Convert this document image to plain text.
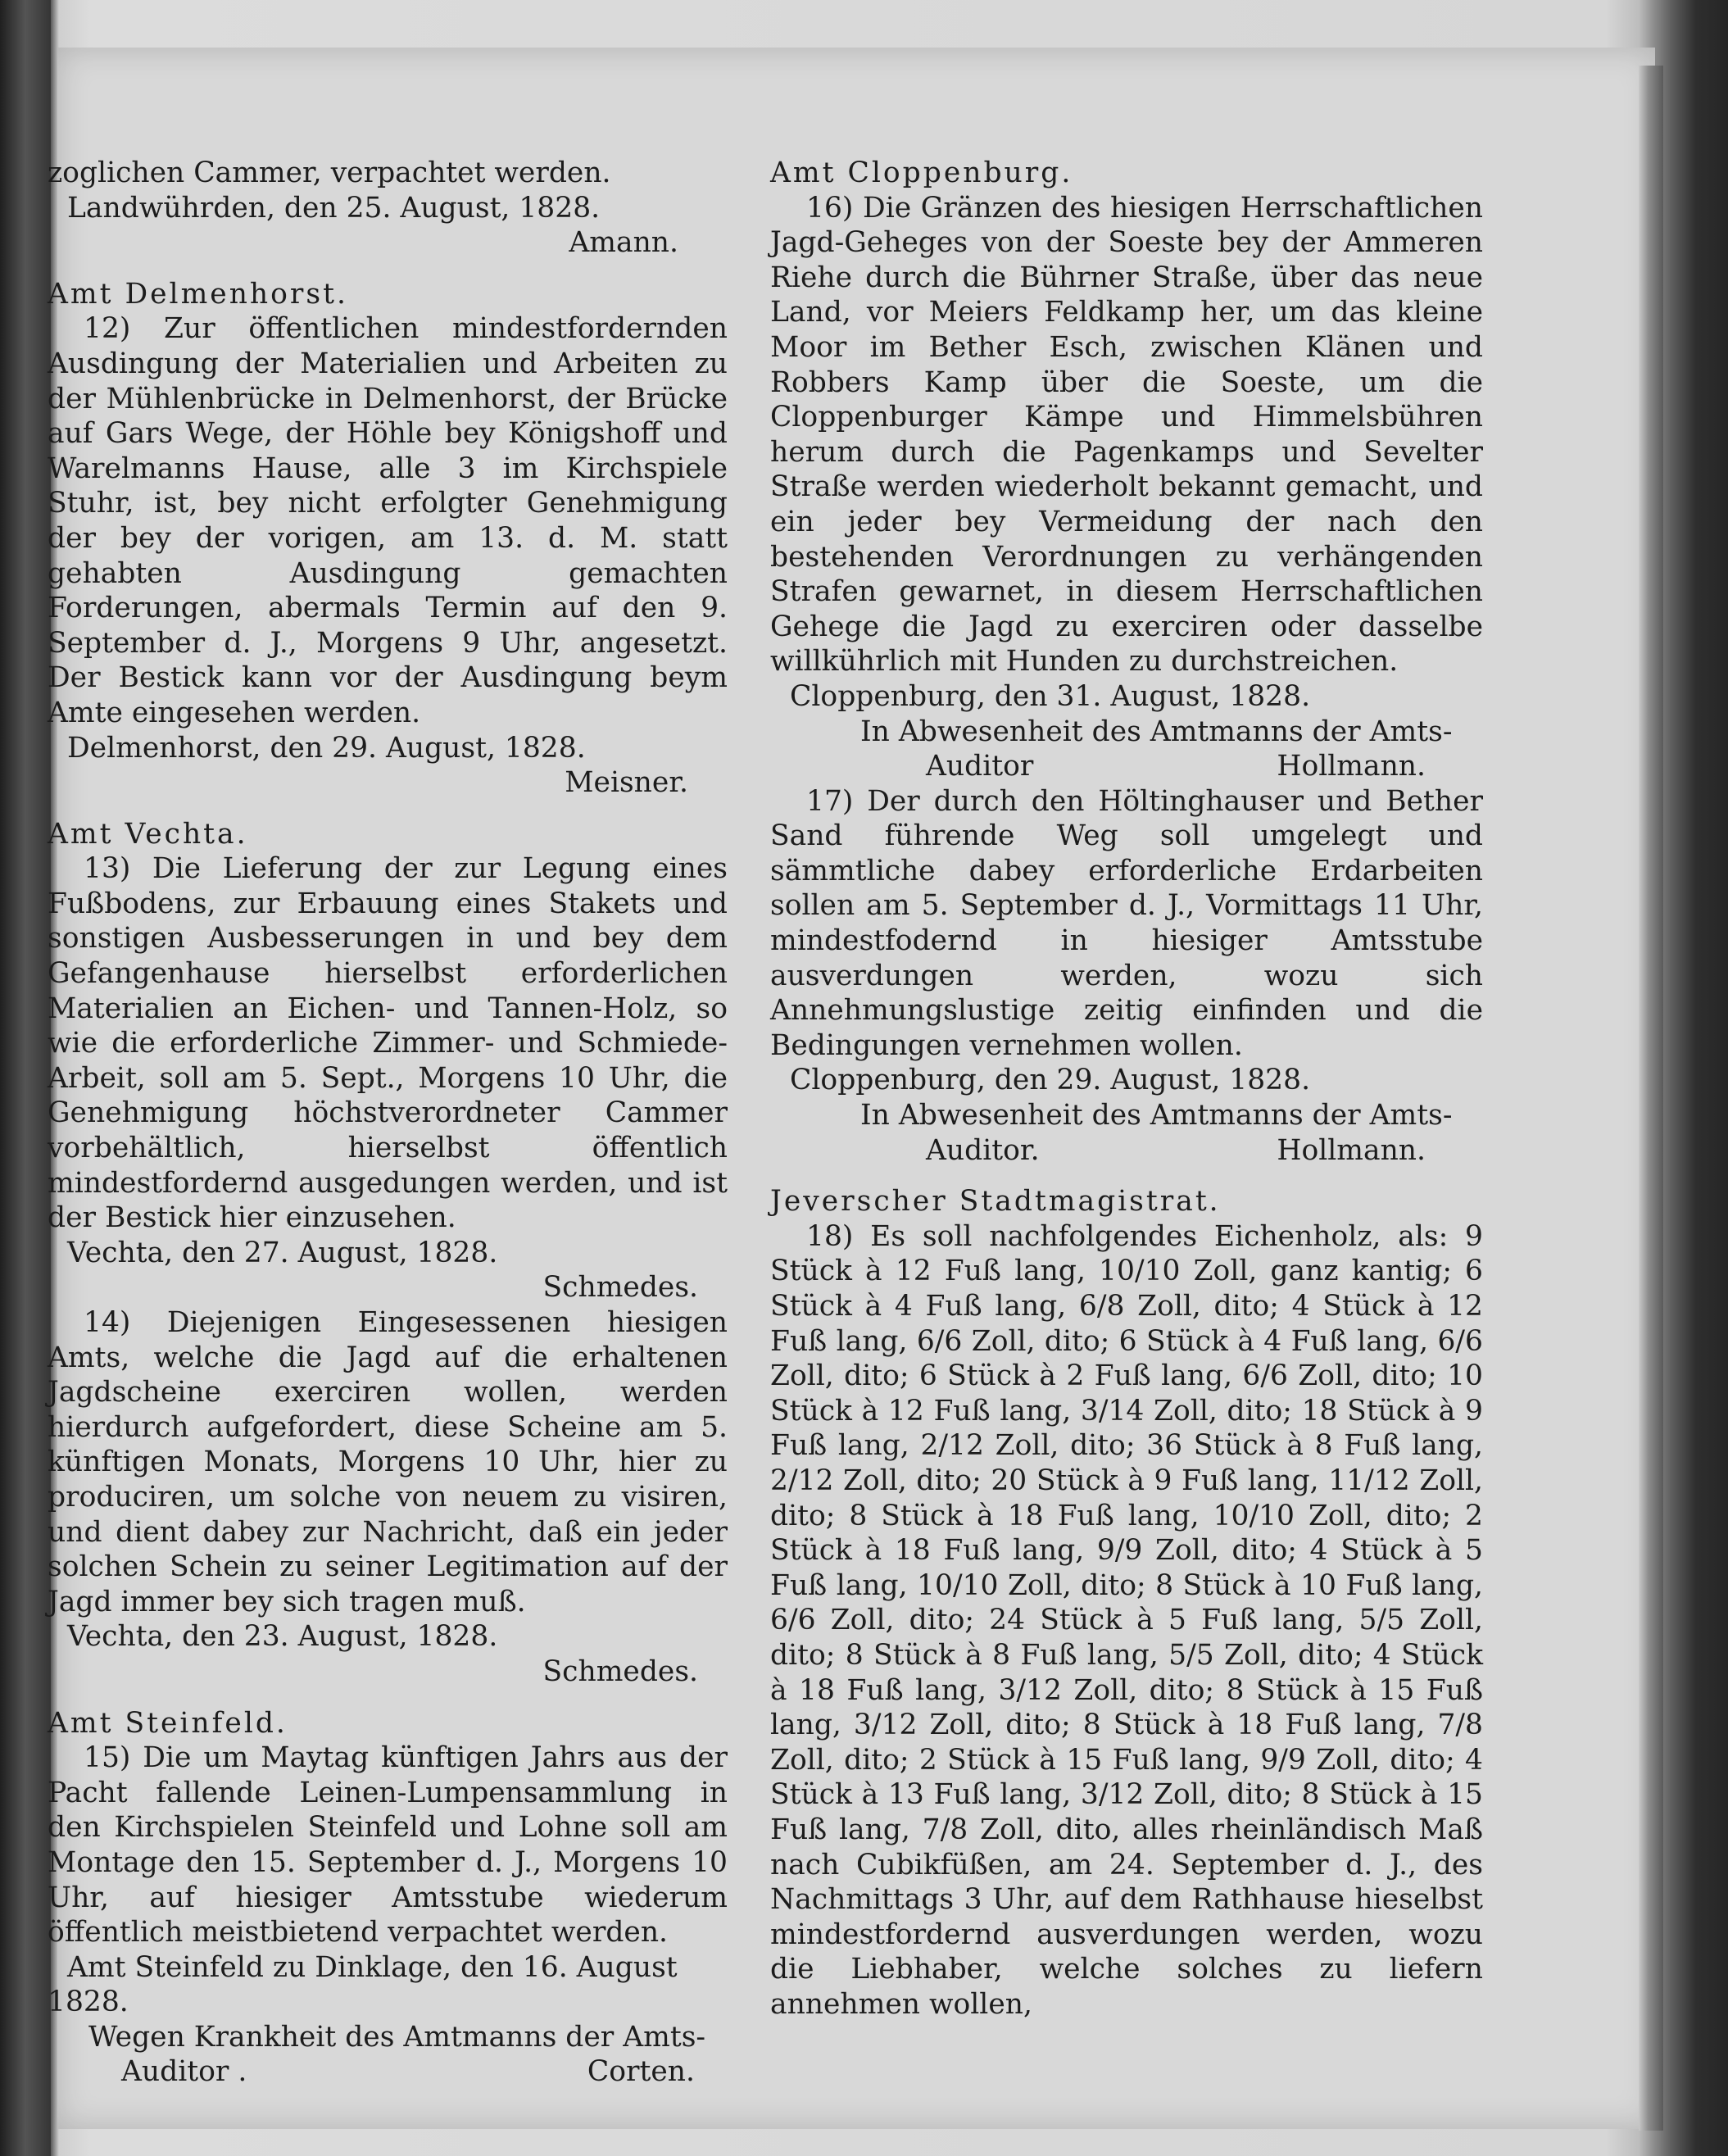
zoglichen Cammer, verpachtet werden.

Landwührden, den 25. August, 1828.

Amann.

Amt Delmenhorst.

12) Zur öffentlichen mindestfordernden Ausdingung der Materialien und Arbeiten zu der Mühlenbrücke in Delmenhorst, der Brücke auf Gars Wege, der Höhle bey Königshoff und Warelmanns Hause, alle 3 im Kirchspiele Stuhr, ist, bey nicht erfolgter Genehmigung der bey der vorigen, am 13. d. M. statt gehabten Ausdingung gemachten Forderungen, abermals Termin auf den 9. September d. J., Morgens 9 Uhr, angesetzt. Der Bestick kann vor der Ausdingung beym Amte eingesehen werden.

Delmenhorst, den 29. August, 1828.

Meisner.

Amt Vechta.

13) Die Lieferung der zur Legung eines Fußbodens, zur Erbauung eines Stakets und sonstigen Ausbesserungen in und bey dem Gefangenhause hierselbst erforderlichen Materialien an Eichen- und Tannen-Holz, so wie die erforderliche Zimmer- und Schmiede-Arbeit, soll am 5. Sept., Morgens 10 Uhr, die Genehmigung höchstverordneter Cammer vorbehältlich, hierselbst öffentlich mindestfordernd ausgedungen werden, und ist der Bestick hier einzusehen.

Vechta, den 27. August, 1828.

Schmedes.

14) Diejenigen Eingesessenen hiesigen Amts, welche die Jagd auf die erhaltenen Jagdscheine exerciren wollen, werden hierdurch aufgefordert, diese Scheine am 5. künftigen Monats, Morgens 10 Uhr, hier zu produciren, um solche von neuem zu visiren, und dient dabey zur Nachricht, daß ein jeder solchen Schein zu seiner Legitimation auf der Jagd immer bey sich tragen muß.

Vechta, den 23. August, 1828.

Schmedes.

Amt Steinfeld.

15) Die um Maytag künftigen Jahrs aus der Pacht fallende Leinen-Lumpensammlung in den Kirchspielen Steinfeld und Lohne soll am Montage den 15. September d. J., Morgens 10 Uhr, auf hiesiger Amtsstube wiederum öffentlich meistbietend verpachtet werden.

Amt Steinfeld zu Dinklage, den 16. August 1828.

Wegen Krankheit des Amtmanns der Amts-

Auditor .	Corten.

Amt Cloppenburg.

16) Die Gränzen des hiesigen Herrschaftlichen Jagd-Geheges von der Soeste bey der Ammeren Riehe durch die Bührner Straße, über das neue Land, vor Meiers Feldkamp her, um das kleine Moor im Bether Esch, zwischen Klänen und Robbers Kamp über die Soeste, um die Cloppenburger Kämpe und Himmelsbühren herum durch die Pagenkamps und Sevelter Straße werden wiederholt bekannt gemacht, und ein jeder bey Vermeidung der nach den bestehenden Verordnungen zu verhängenden Strafen gewarnet, in diesem Herrschaftlichen Gehege die Jagd zu exerciren oder dasselbe willkührlich mit Hunden zu durchstreichen.

Cloppenburg, den 31. August, 1828.

In Abwesenheit des Amtmanns der Amts-

Auditor	Hollmann.

17) Der durch den Höltinghauser und Bether Sand führende Weg soll umgelegt und sämmtliche dabey erforderliche Erdarbeiten sollen am 5. September d. J., Vormittags 11 Uhr, mindestfodernd in hiesiger Amtsstube ausverdungen werden, wozu sich Annehmungslustige zeitig einfinden und die Bedingungen vernehmen wollen.

Cloppenburg, den 29. August, 1828.

In Abwesenheit des Amtmanns der Amts-

Auditor.	Hollmann.

Jeverscher Stadtmagistrat.

18) Es soll nachfolgendes Eichenholz, als: 9 Stück à 12 Fuß lang, 10/10 Zoll, ganz kantig; 6 Stück à 4 Fuß lang, 6/8 Zoll, dito; 4 Stück à 12 Fuß lang, 6/6 Zoll, dito; 6 Stück à 4 Fuß lang, 6/6 Zoll, dito; 6 Stück à 2 Fuß lang, 6/6 Zoll, dito; 10 Stück à 12 Fuß lang, 3/14 Zoll, dito; 18 Stück à 9 Fuß lang, 2/12 Zoll, dito; 36 Stück à 8 Fuß lang, 2/12 Zoll, dito; 20 Stück à 9 Fuß lang, 11/12 Zoll, dito; 8 Stück à 18 Fuß lang, 10/10 Zoll, dito; 2 Stück à 18 Fuß lang, 9/9 Zoll, dito; 4 Stück à 5 Fuß lang, 10/10 Zoll, dito; 8 Stück à 10 Fuß lang, 6/6 Zoll, dito; 24 Stück à 5 Fuß lang, 5/5 Zoll, dito; 8 Stück à 8 Fuß lang, 5/5 Zoll, dito; 4 Stück à 18 Fuß lang, 3/12 Zoll, dito; 8 Stück à 15 Fuß lang, 3/12 Zoll, dito; 8 Stück à 18 Fuß lang, 7/8 Zoll, dito; 2 Stück à 15 Fuß lang, 9/9 Zoll, dito; 4 Stück à 13 Fuß lang, 3/12 Zoll, dito; 8 Stück à 15 Fuß lang, 7/8 Zoll, dito, alles rheinländisch Maß nach Cubikfüßen, am 24. September d. J., des Nachmittags 3 Uhr, auf dem Rathhause hieselbst mindestfordernd ausverdungen werden, wozu die Liebhaber, welche solches zu liefern annehmen wollen,
